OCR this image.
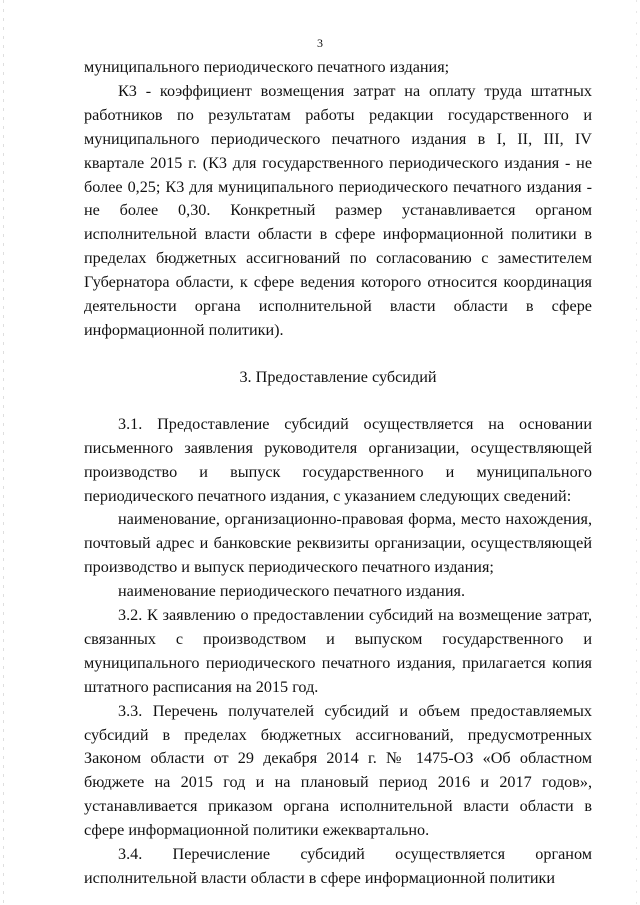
3

муниципального периодического печатного издания;

К3 - коэффициент возмещения затрат на оплату труда штатных работников по результатам работы редакции государственного и муниципального периодического печатного издания в I, II, III, IV квартале 2015 г. (К3 для государственного периодического издания - не более 0,25; К3 для муниципального периодического печатного издания - не более 0,30. Конкретный размер устанавливается органом исполнительной власти области в сфере информационной политики в пределах бюджетных ассигнований по согласованию с заместителем Губернатора области, к сфере ведения которого относится координация деятельности органа исполнительной власти области в сфере информационной политики).

3. Предоставление субсидий

3.1. Предоставление субсидий осуществляется на основании письменного заявления руководителя организации, осуществляющей производство и выпуск государственного и муниципального периодического печатного издания, с указанием следующих сведений:

наименование, организационно-правовая форма, место нахождения, почтовый адрес и банковские реквизиты организации, осуществляющей производство и выпуск периодического печатного издания;

наименование периодического печатного издания.

3.2. К заявлению о предоставлении субсидий на возмещение затрат, связанных с производством и выпуском государственного и муниципального периодического печатного издания, прилагается копия штатного расписания на 2015 год.

3.3. Перечень получателей субсидий и объем предоставляемых субсидий в пределах бюджетных ассигнований, предусмотренных Законом области от 29 декабря 2014 г. № 1475-ОЗ «Об областном бюджете на 2015 год и на плановый период 2016 и 2017 годов», устанавливается приказом органа исполнительной власти области в сфере информационной политики ежеквартально.

3.4. Перечисление субсидий осуществляется органом исполнительной власти области в сфере информационной политики
